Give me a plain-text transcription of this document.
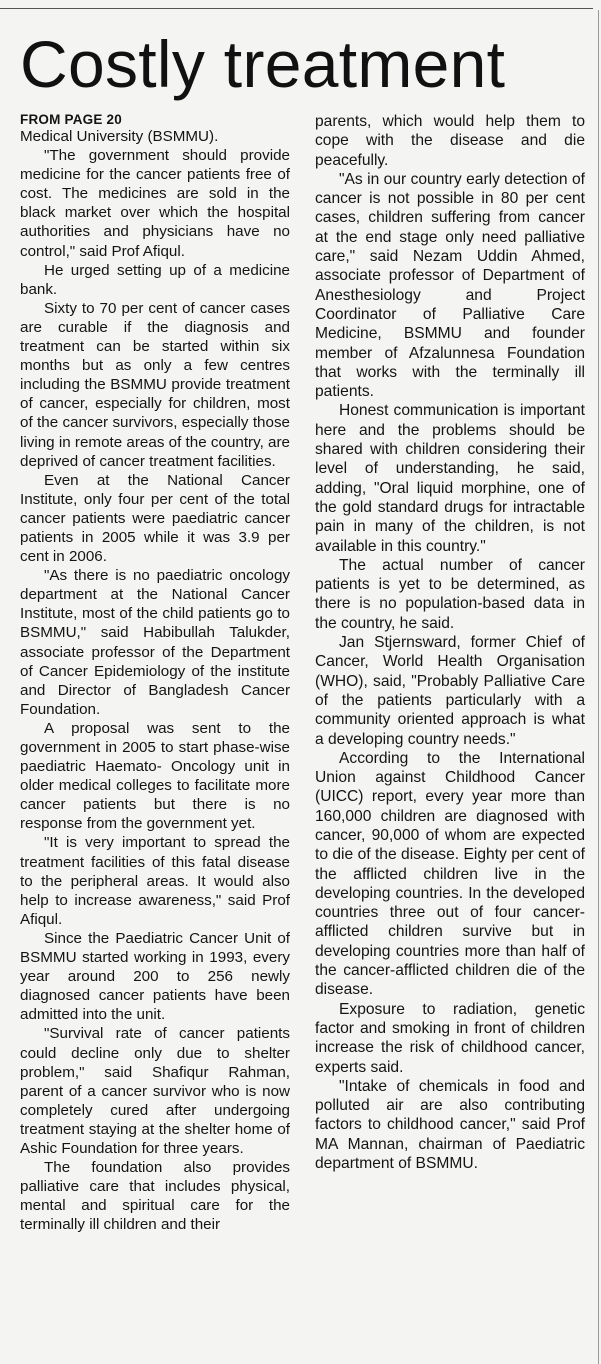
Costly treatment
FROM PAGE 20

Medical University (BSMMU).

"The government should provide medicine for the cancer patients free of cost. The medicines are sold in the black market over which the hospital authorities and physicians have no control," said Prof Afiqul.

He urged setting up of a medicine bank.

Sixty to 70 per cent of cancer cases are curable if the diagnosis and treatment can be started within six months but as only a few centres including the BSMMU provide treatment of cancer, especially for children, most of the cancer survivors, especially those living in remote areas of the country, are deprived of cancer treatment facilities.

Even at the National Cancer Institute, only four per cent of the total cancer patients were paediatric cancer patients in 2005 while it was 3.9 per cent in 2006.

"As there is no paediatric oncology department at the National Cancer Institute, most of the child patients go to BSMMU," said Habibullah Talukder, associate professor of the Department of Cancer Epidemiology of the institute and Director of Bangladesh Cancer Foundation.

A proposal was sent to the government in 2005 to start phase-wise paediatric Haemato- Oncology unit in older medical colleges to facilitate more cancer patients but there is no response from the government yet.

"It is very important to spread the treatment facilities of this fatal disease to the peripheral areas. It would also help to increase awareness," said Prof Afiqul.

Since the Paediatric Cancer Unit of BSMMU started working in 1993, every year around 200 to 256 newly diagnosed cancer patients have been admitted into the unit.

"Survival rate of cancer patients could decline only due to shelter problem," said Shafiqur Rahman, parent of a cancer survivor who is now completely cured after undergoing treatment staying at the shelter home of Ashic Foundation for three years.

The foundation also provides palliative care that includes physical, mental and spiritual care for the terminally ill children and their

parents, which would help them to cope with the disease and die peacefully.

"As in our country early detection of cancer is not possible in 80 per cent cases, children suffering from cancer at the end stage only need palliative care," said Nezam Uddin Ahmed, associate professor of Department of Anesthesiology and Project Coordinator of Palliative Care Medicine, BSMMU and founder member of Afzalunnesa Foundation that works with the terminally ill patients.

Honest communication is important here and the problems should be shared with children considering their level of understanding, he said, adding, "Oral liquid morphine, one of the gold standard drugs for intractable pain in many of the children, is not available in this country."

The actual number of cancer patients is yet to be determined, as there is no population-based data in the country, he said.

Jan Stjernsward, former Chief of Cancer, World Health Organisation (WHO), said, "Probably Palliative Care of the patients particularly with a community oriented approach is what a developing country needs."

According to the International Union against Childhood Cancer (UICC) report, every year more than 160,000 children are diagnosed with cancer, 90,000 of whom are expected to die of the disease. Eighty per cent of the afflicted children live in the developing countries. In the developed countries three out of four cancer-afflicted children survive but in developing countries more than half of the cancer-afflicted children die of the disease.

Exposure to radiation, genetic factor and smoking in front of children increase the risk of childhood cancer, experts said.

"Intake of chemicals in food and polluted air are also contributing factors to childhood cancer," said Prof MA Mannan, chairman of Paediatric department of BSMMU.
